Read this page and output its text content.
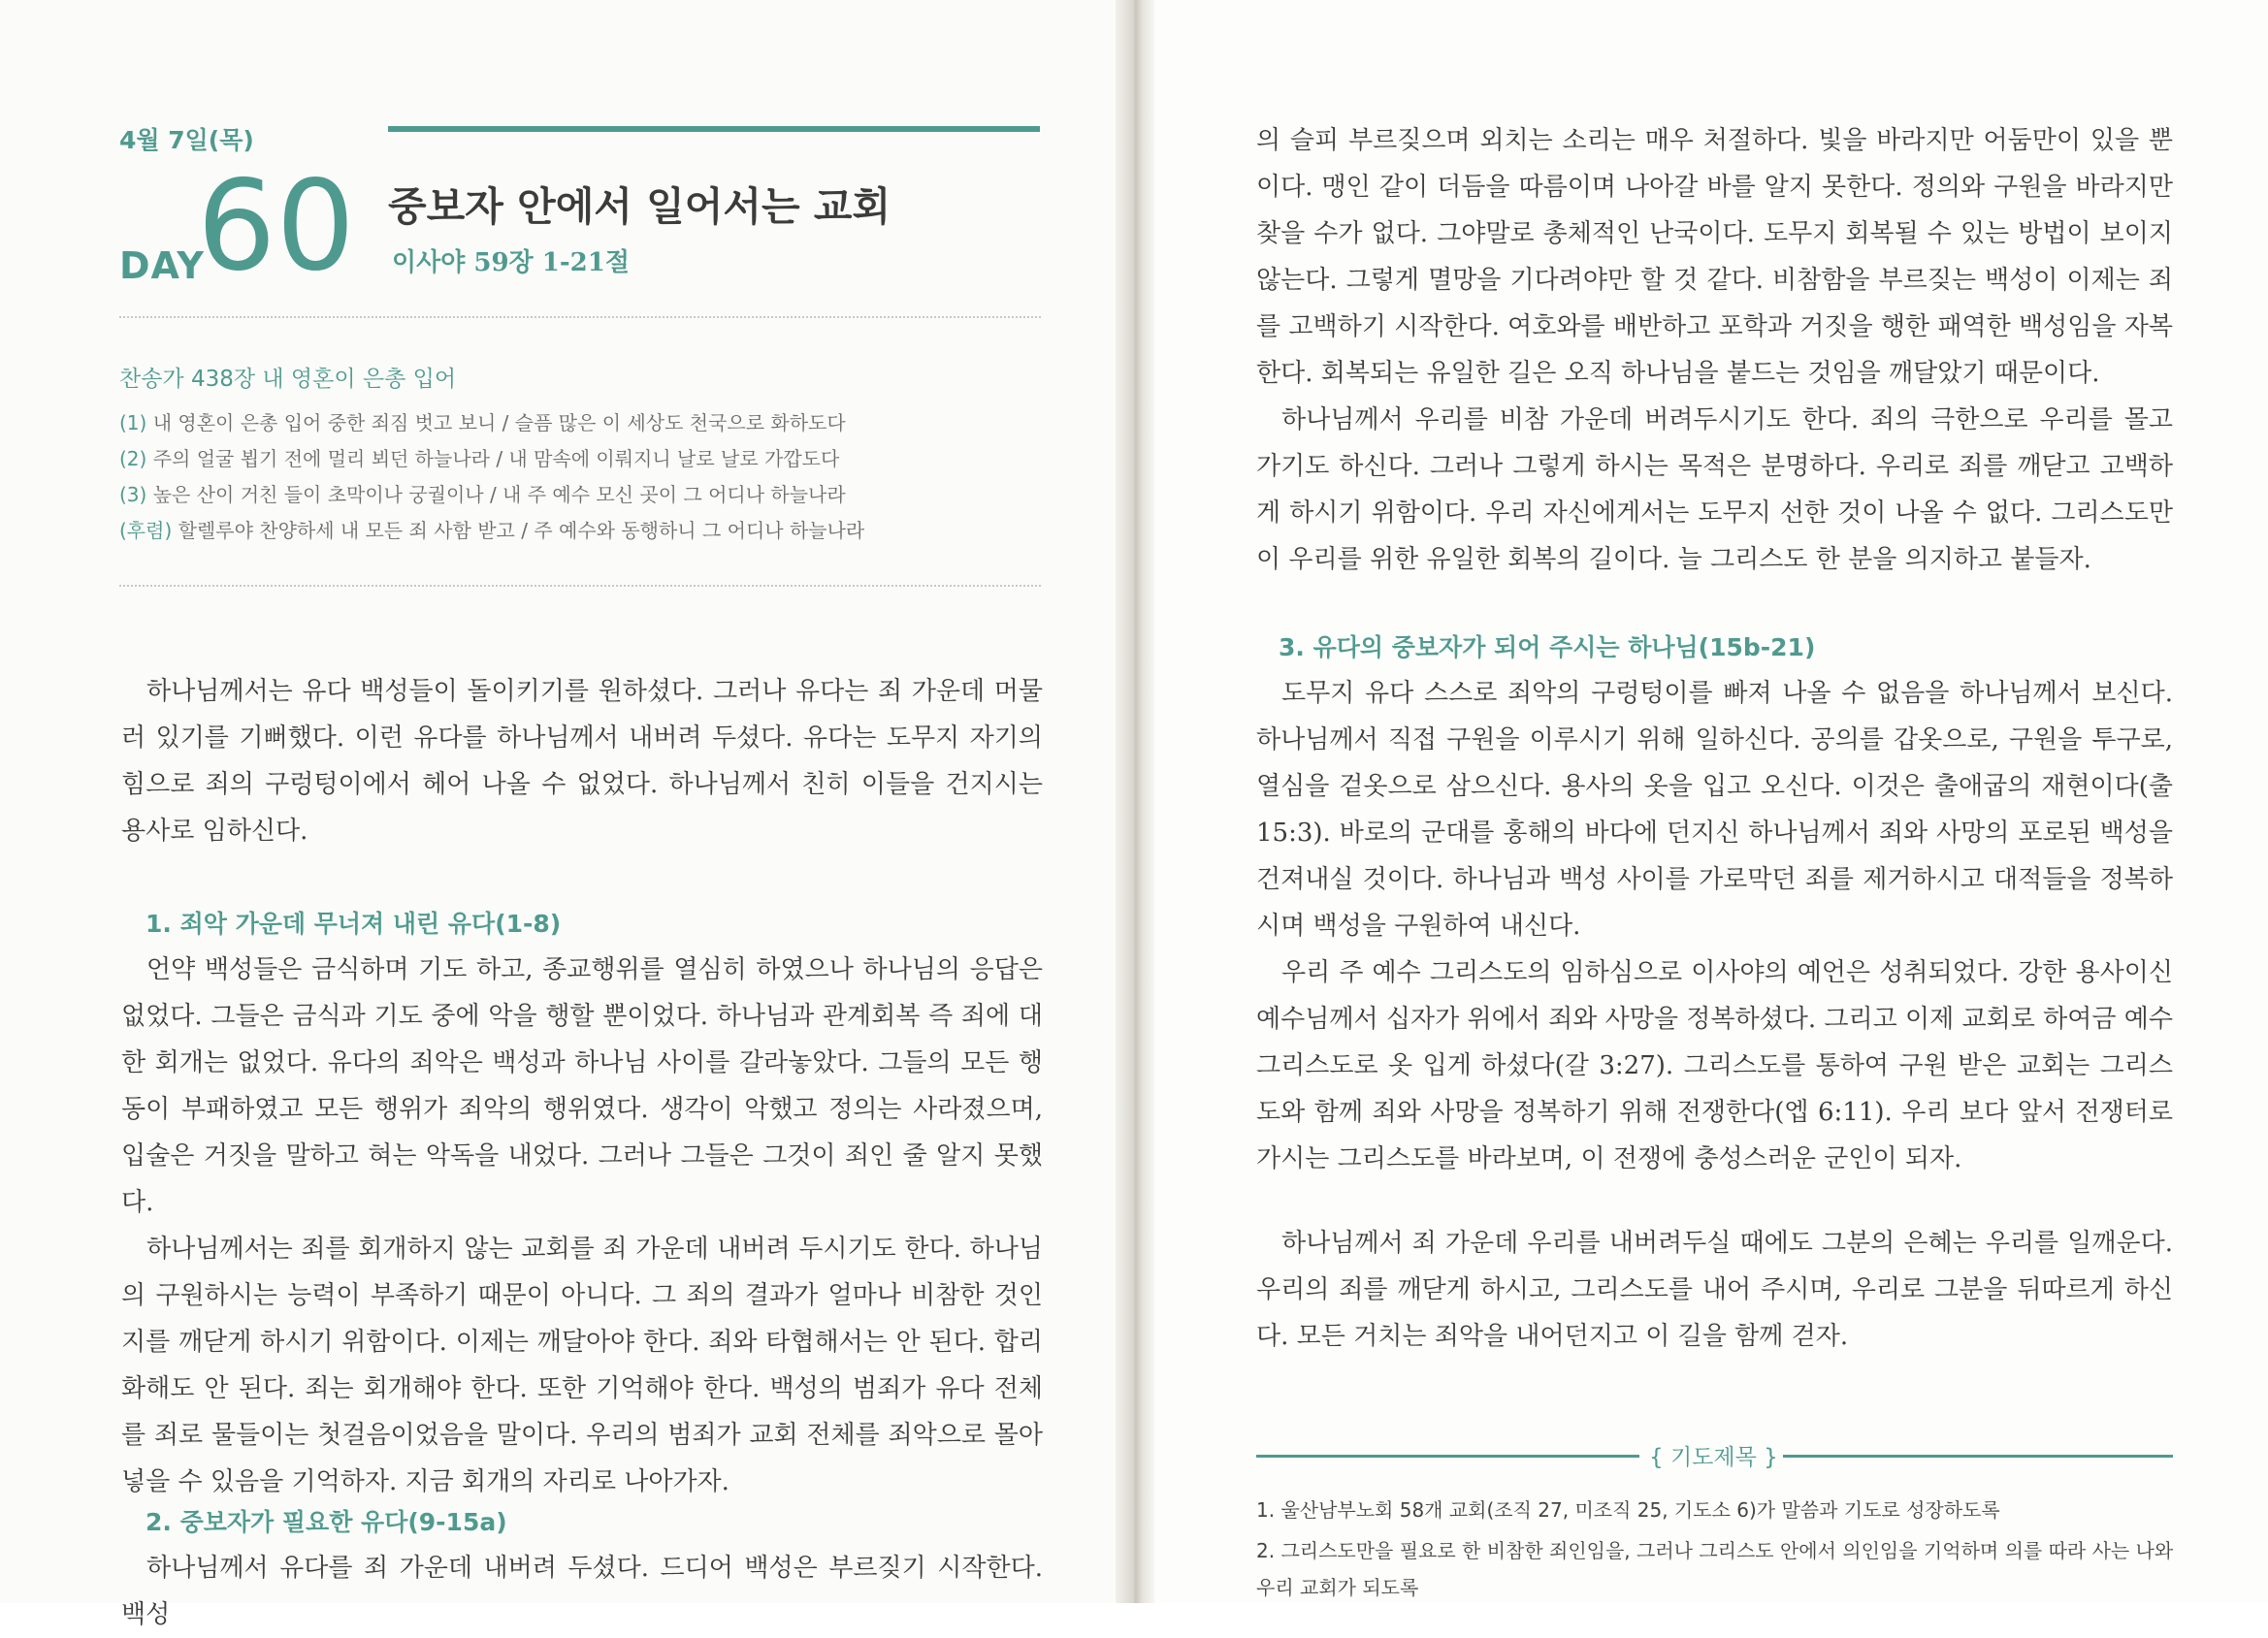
4월 7일(목)
DAY
60 중보자 안에서 일어서는 교회
이사야 59장 1-21절
찬송가 438장 내 영혼이 은총 입어
(1) 내 영혼이 은총 입어 중한 죄짐 벗고 보니 / 슬픔 많은 이 세상도 천국으로 화하도다
(2) 주의 얼굴 뵙기 전에 멀리 뵈던 하늘나라 / 내 맘속에 이뤄지니 날로 날로 가깝도다
(3) 높은 산이 거친 들이 초막이나 궁궐이나 / 내 주 예수 모신 곳이 그 어디나 하늘나라
(후렴) 할렐루야 찬양하세 내 모든 죄 사함 받고 / 주 예수와 동행하니 그 어디나 하늘나라

하나님께서는 유다 백성들이 돌이키기를 원하셨다. 그러나 유다는 죄 가운데 머물러 있기를 기뻐했다. 이런 유다를 하나님께서 내버려 두셨다. 유다는 도무지 자기의 힘으로 죄의 구렁텅이에서 헤어 나올 수 없었다. 하나님께서 친히 이들을 건지시는 용사로 임하신다.

1. 죄악 가운데 무너져 내린 유다(1-8)

언약 백성들은 금식하며 기도 하고, 종교행위를 열심히 하였으나 하나님의 응답은 없었다. 그들은 금식과 기도 중에 악을 행할 뿐이었다. 하나님과 관계회복 즉 죄에 대한 회개는 없었다. 유다의 죄악은 백성과 하나님 사이를 갈라놓았다. 그들의 모든 행동이 부패하였고 모든 행위가 죄악의 행위였다. 생각이 악했고 정의는 사라졌으며, 입술은 거짓을 말하고 혀는 악독을 내었다. 그러나 그들은 그것이 죄인 줄 알지 못했다.

하나님께서는 죄를 회개하지 않는 교회를 죄 가운데 내버려 두시기도 한다. 하나님의 구원하시는 능력이 부족하기 때문이 아니다. 그 죄의 결과가 얼마나 비참한 것인지를 깨닫게 하시기 위함이다. 이제는 깨달아야 한다. 죄와 타협해서는 안 된다. 합리화해도 안 된다. 죄는 회개해야 한다. 또한 기억해야 한다. 백성의 범죄가 유다 전체를 죄로 물들이는 첫걸음이었음을 말이다. 우리의 범죄가 교회 전체를 죄악으로 몰아넣을 수 있음을 기억하자. 지금 회개의 자리로 나아가자.

2. 중보자가 필요한 유다(9-15a)

하나님께서 유다를 죄 가운데 내버려 두셨다. 드디어 백성은 부르짖기 시작한다. 백성

의 슬피 부르짖으며 외치는 소리는 매우 처절하다. 빛을 바라지만 어둠만이 있을 뿐이다. 맹인 같이 더듬을 따름이며 나아갈 바를 알지 못한다. 정의와 구원을 바라지만 찾을 수가 없다. 그야말로 총체적인 난국이다. 도무지 회복될 수 있는 방법이 보이지 않는다. 그렇게 멸망을 기다려야만 할 것 같다. 비참함을 부르짖는 백성이 이제는 죄를 고백하기 시작한다. 여호와를 배반하고 포학과 거짓을 행한 패역한 백성임을 자복한다. 회복되는 유일한 길은 오직 하나님을 붙드는 것임을 깨달았기 때문이다.

하나님께서 우리를 비참 가운데 버려두시기도 한다. 죄의 극한으로 우리를 몰고 가기도 하신다. 그러나 그렇게 하시는 목적은 분명하다. 우리로 죄를 깨닫고 고백하게 하시기 위함이다. 우리 자신에게서는 도무지 선한 것이 나올 수 없다. 그리스도만이 우리를 위한 유일한 회복의 길이다. 늘 그리스도 한 분을 의지하고 붙들자.

3. 유다의 중보자가 되어 주시는 하나님(15b-21)

도무지 유다 스스로 죄악의 구렁텅이를 빠져 나올 수 없음을 하나님께서 보신다. 하나님께서 직접 구원을 이루시기 위해 일하신다. 공의를 갑옷으로, 구원을 투구로, 열심을 겉옷으로 삼으신다. 용사의 옷을 입고 오신다. 이것은 출애굽의 재현이다(출 15:3). 바로의 군대를 홍해의 바다에 던지신 하나님께서 죄와 사망의 포로된 백성을 건져내실 것이다. 하나님과 백성 사이를 가로막던 죄를 제거하시고 대적들을 정복하시며 백성을 구원하여 내신다.

우리 주 예수 그리스도의 임하심으로 이사야의 예언은 성취되었다. 강한 용사이신 예수님께서 십자가 위에서 죄와 사망을 정복하셨다. 그리고 이제 교회로 하여금 예수 그리스도로 옷 입게 하셨다(갈 3:27). 그리스도를 통하여 구원 받은 교회는 그리스도와 함께 죄와 사망을 정복하기 위해 전쟁한다(엡 6:11). 우리 보다 앞서 전쟁터로 가시는 그리스도를 바라보며, 이 전쟁에 충성스러운 군인이 되자.

하나님께서 죄 가운데 우리를 내버려두실 때에도 그분의 은혜는 우리를 일깨운다. 우리의 죄를 깨닫게 하시고, 그리스도를 내어 주시며, 우리로 그분을 뒤따르게 하신다. 모든 거치는 죄악을 내어던지고 이 길을 함께 걷자.

{ 기도제목 }
1. 울산남부노회 58개 교회(조직 27, 미조직 25, 기도소 6)가 말씀과 기도로 성장하도록
2. 그리스도만을 필요로 한 비참한 죄인임을, 그러나 그리스도 안에서 의인임을 기억하며 의를 따라 사는 나와 우리 교회가 되도록
